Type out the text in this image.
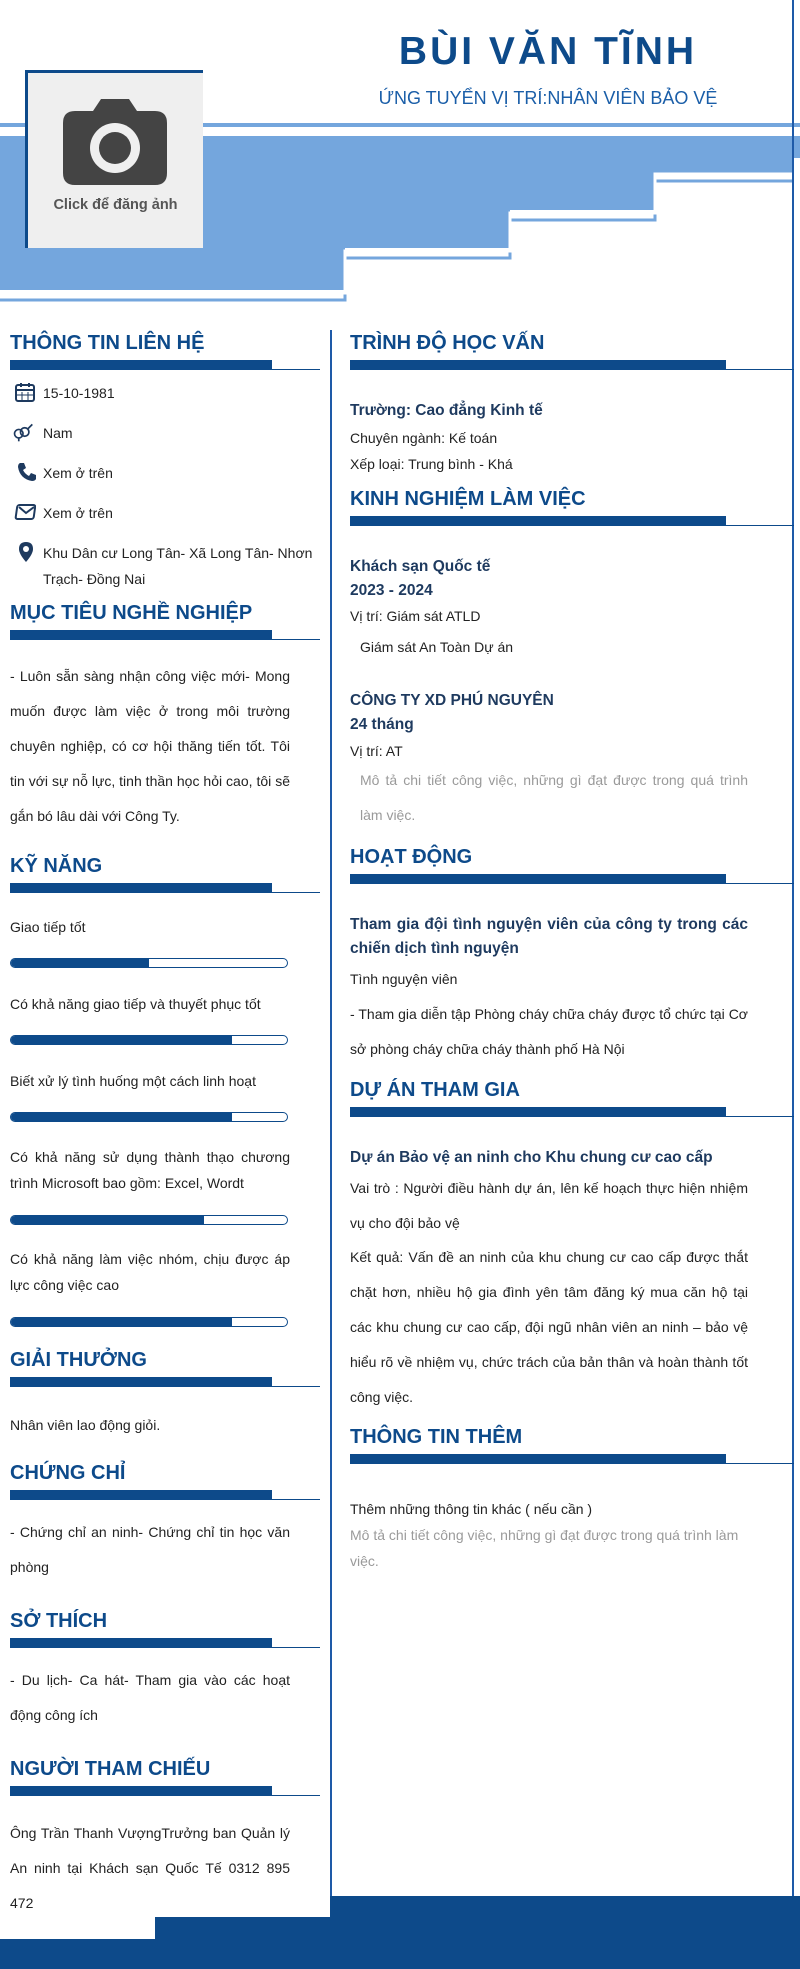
BÙI VĂN TĨNH
ỨNG TUYỂN VỊ TRÍ:NHÂN VIÊN BẢO VỆ
Click để đăng ảnh
THÔNG TIN LIÊN HỆ
15-10-1981
Nam
Xem ở trên
Xem ở trên
Khu Dân cư Long Tân- Xã Long Tân- Nhơn Trạch- Đồng Nai
MỤC TIÊU NGHỀ NGHIỆP
- Luôn sẵn sàng nhận công việc mới- Mong muốn được làm việc ở trong môi trường chuyên nghiệp, có cơ hội thăng tiến tốt. Tôi tin với sự nỗ lực, tinh thần học hỏi cao, tôi sẽ gắn bó lâu dài với Công Ty.
KỸ NĂNG
Giao tiếp tốt
Có khả năng giao tiếp và thuyết phục tốt
Biết xử lý tình huống một cách linh hoạt
Có khả năng sử dụng thành thạo chương trình Microsoft bao gồm: Excel, Wordt
Có khả năng làm việc nhóm, chịu được áp lực công việc cao
GIẢI THƯỞNG
Nhân viên lao động giỏi.
CHỨNG CHỈ
- Chứng chỉ an ninh- Chứng chỉ tin học văn phòng
SỞ THÍCH
- Du lịch- Ca hát- Tham gia vào các hoạt động công ích
NGƯỜI THAM CHIẾU
Ông Trần Thanh VượngTrưởng ban Quản lý An ninh tại Khách sạn Quốc Tế 0312 895 472
TRÌNH ĐỘ HỌC VẤN
Trường: Cao đẳng Kinh tế
Chuyên ngành: Kế toán
Xếp loại: Trung bình - Khá
KINH NGHIỆM LÀM VIỆC
Khách sạn Quốc tế
2023 - 2024
Vị trí: Giám sát ATLD
Giám sát An Toàn Dự án
CÔNG TY XD PHÚ NGUYÊN
24 tháng
Vị trí: AT
Mô tả chi tiết công việc, những gì đạt được trong quá trình làm việc.
HOẠT ĐỘNG
Tham gia đội tình nguyện viên của công ty trong các chiến dịch tình nguyện
Tình nguyện viên
- Tham gia diễn tập Phòng cháy chữa cháy được tổ chức tại Cơ sở phòng cháy chữa cháy thành phố Hà Nội
DỰ ÁN THAM GIA
Dự án Bảo vệ an ninh cho Khu chung cư cao cấp
Vai trò : Người điều hành dự án, lên kế hoạch thực hiện nhiệm vụ cho đội bảo vệ
Kết quả: Vấn đề an ninh của khu chung cư cao cấp được thắt chặt hơn, nhiều hộ gia đình yên tâm đăng ký mua căn hộ tại các khu chung cư cao cấp, đội ngũ nhân viên an ninh – bảo vệ hiểu rõ về nhiệm vụ, chức trách của bản thân và hoàn thành tốt công việc.
THÔNG TIN THÊM
Thêm những thông tin khác ( nếu cần )
Mô tả chi tiết công việc, những gì đạt được trong quá trình làm việc.
